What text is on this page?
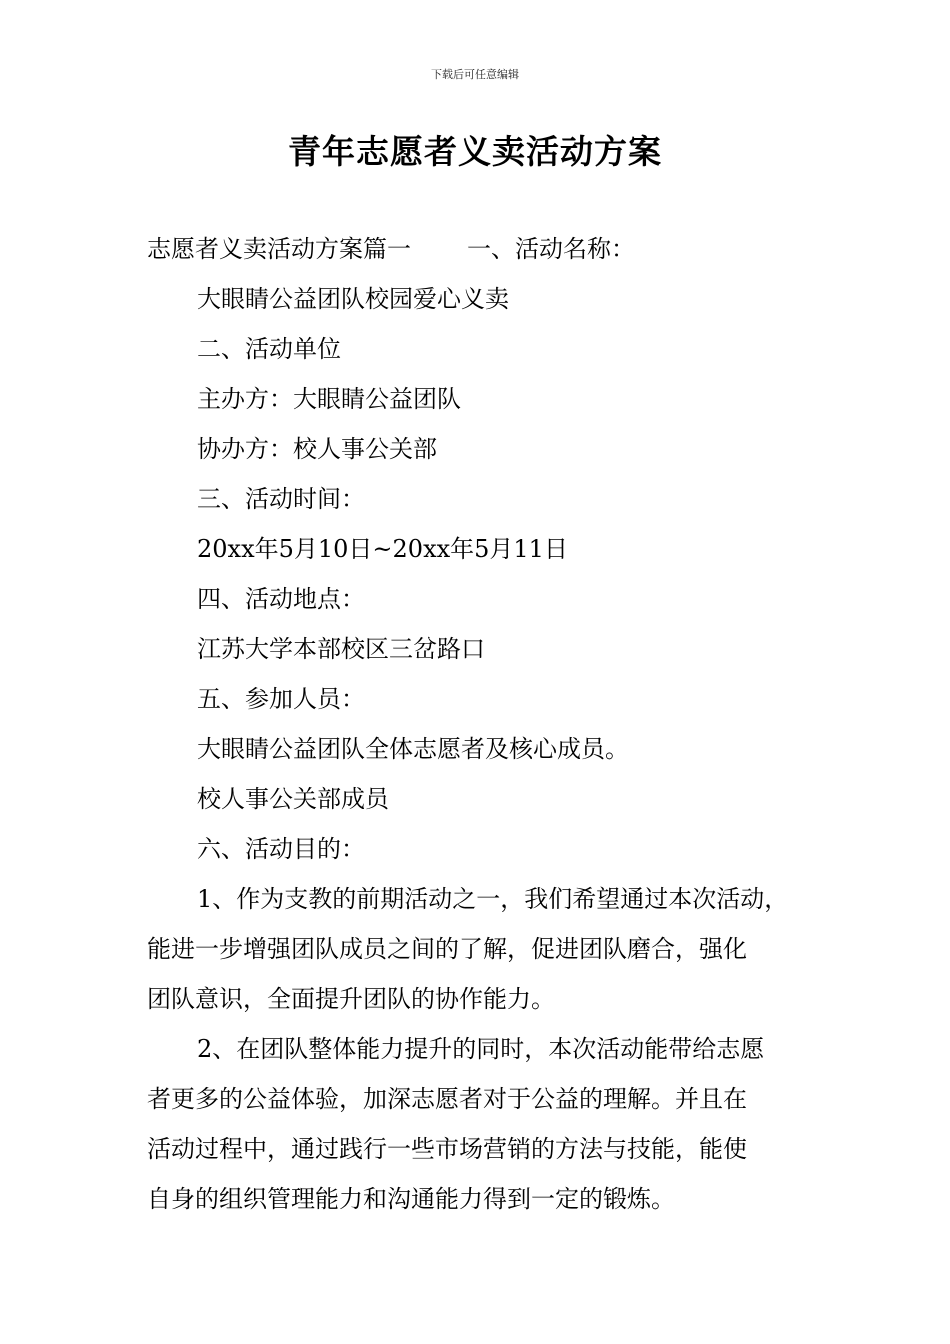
下载后可任意编辑
青年志愿者义卖活动方案
志愿者义卖活动方案篇一 一、活动名称：
大眼睛公益团队校园爱心义卖
二、活动单位
主办方：大眼睛公益团队
协办方：校人事公关部
三、活动时间：
20xx年5月10日~20xx年5月11日
四、活动地点：
江苏大学本部校区三岔路口
五、参加人员：
大眼睛公益团队全体志愿者及核心成员。
校人事公关部成员
六、活动目的：
1、作为支教的前期活动之一，我们希望通过本次活动，
能进一步增强团队成员之间的了解，促进团队磨合，强化
团队意识，全面提升团队的协作能力。
2、在团队整体能力提升的同时，本次活动能带给志愿
者更多的公益体验，加深志愿者对于公益的理解。并且在
活动过程中，通过践行一些市场营销的方法与技能，能使
自身的组织管理能力和沟通能力得到一定的锻炼。
